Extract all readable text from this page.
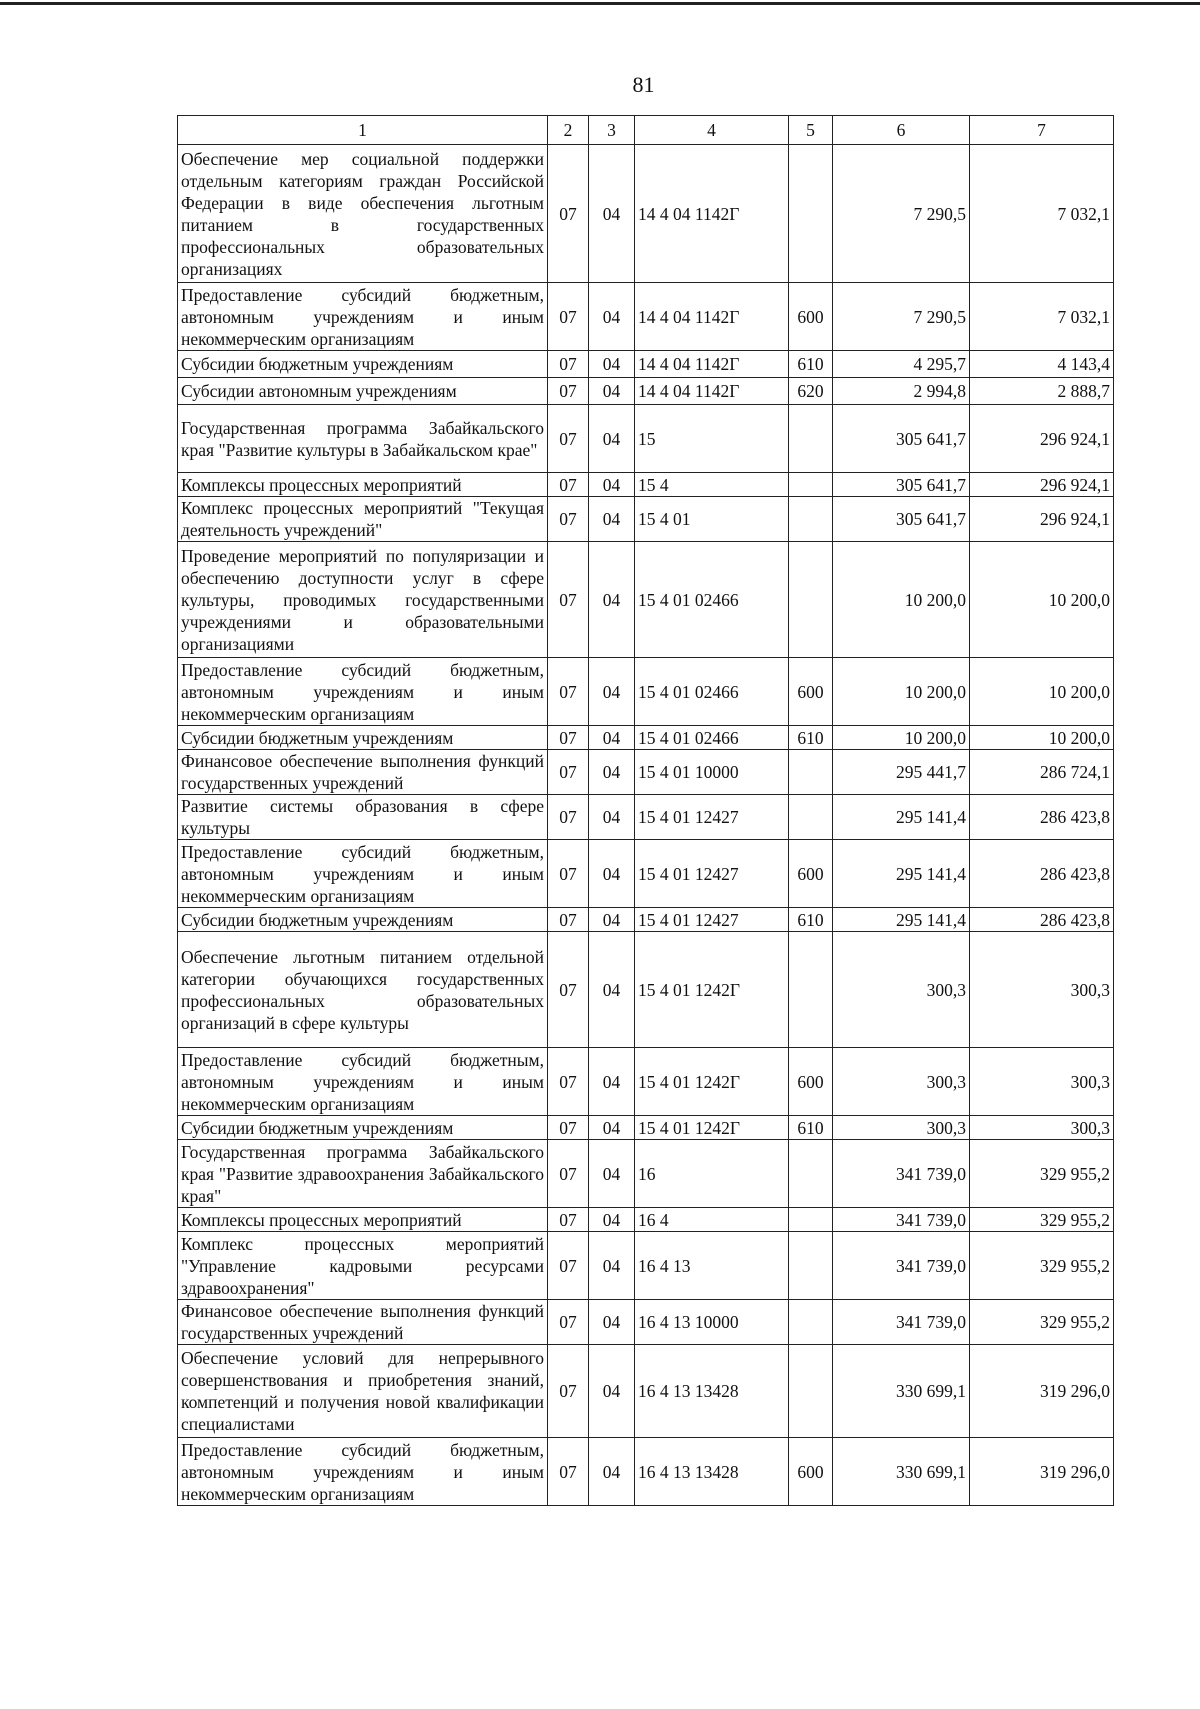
81
1	2	3	4	5	6	7
Обеспечение мер социальной поддержки отдельным категориям граждан Российской Федерации в виде обеспечения льготным питанием в государственных профессиональных образовательных организациях	07	04	14 4 04 1142Г		7 290,5	7 032,1
Предоставление субсидий бюджетным, автономным учреждениям и иным некоммерческим организациям	07	04	14 4 04 1142Г	600	7 290,5	7 032,1
Субсидии бюджетным учреждениям	07	04	14 4 04 1142Г	610	4 295,7	4 143,4
Субсидии автономным учреждениям	07	04	14 4 04 1142Г	620	2 994,8	2 888,7
Государственная программа Забайкальского края "Развитие культуры в Забайкальском крае"	07	04	15		305 641,7	296 924,1
Комплексы процессных мероприятий	07	04	15 4		305 641,7	296 924,1
Комплекс процессных мероприятий "Текущая деятельность учреждений"	07	04	15 4 01		305 641,7	296 924,1
Проведение мероприятий по популяризации и обеспечению доступности услуг в сфере культуры, проводимых государственными учреждениями и образовательными организациями	07	04	15 4 01 02466		10 200,0	10 200,0
Предоставление субсидий бюджетным, автономным учреждениям и иным некоммерческим организациям	07	04	15 4 01 02466	600	10 200,0	10 200,0
Субсидии бюджетным учреждениям	07	04	15 4 01 02466	610	10 200,0	10 200,0
Финансовое обеспечение выполнения функций государственных учреждений	07	04	15 4 01 10000		295 441,7	286 724,1
Развитие системы образования в сфере культуры	07	04	15 4 01 12427		295 141,4	286 423,8
Предоставление субсидий бюджетным, автономным учреждениям и иным некоммерческим организациям	07	04	15 4 01 12427	600	295 141,4	286 423,8
Субсидии бюджетным учреждениям	07	04	15 4 01 12427	610	295 141,4	286 423,8
Обеспечение льготным питанием отдельной категории обучающихся государственных профессиональных образовательных организаций в сфере культуры	07	04	15 4 01 1242Г		300,3	300,3
Предоставление субсидий бюджетным, автономным учреждениям и иным некоммерческим организациям	07	04	15 4 01 1242Г	600	300,3	300,3
Субсидии бюджетным учреждениям	07	04	15 4 01 1242Г	610	300,3	300,3
Государственная программа Забайкальского края "Развитие здравоохранения Забайкальского края"	07	04	16		341 739,0	329 955,2
Комплексы процессных мероприятий	07	04	16 4		341 739,0	329 955,2
Комплекс процессных мероприятий "Управление кадровыми ресурсами здравоохранения"	07	04	16 4 13		341 739,0	329 955,2
Финансовое обеспечение выполнения функций государственных учреждений	07	04	16 4 13 10000		341 739,0	329 955,2
Обеспечение условий для непрерывного совершенствования и приобретения знаний, компетенций и получения новой квалификации специалистами	07	04	16 4 13 13428		330 699,1	319 296,0
Предоставление субсидий бюджетным, автономным учреждениям и иным некоммерческим организациям	07	04	16 4 13 13428	600	330 699,1	319 296,0
